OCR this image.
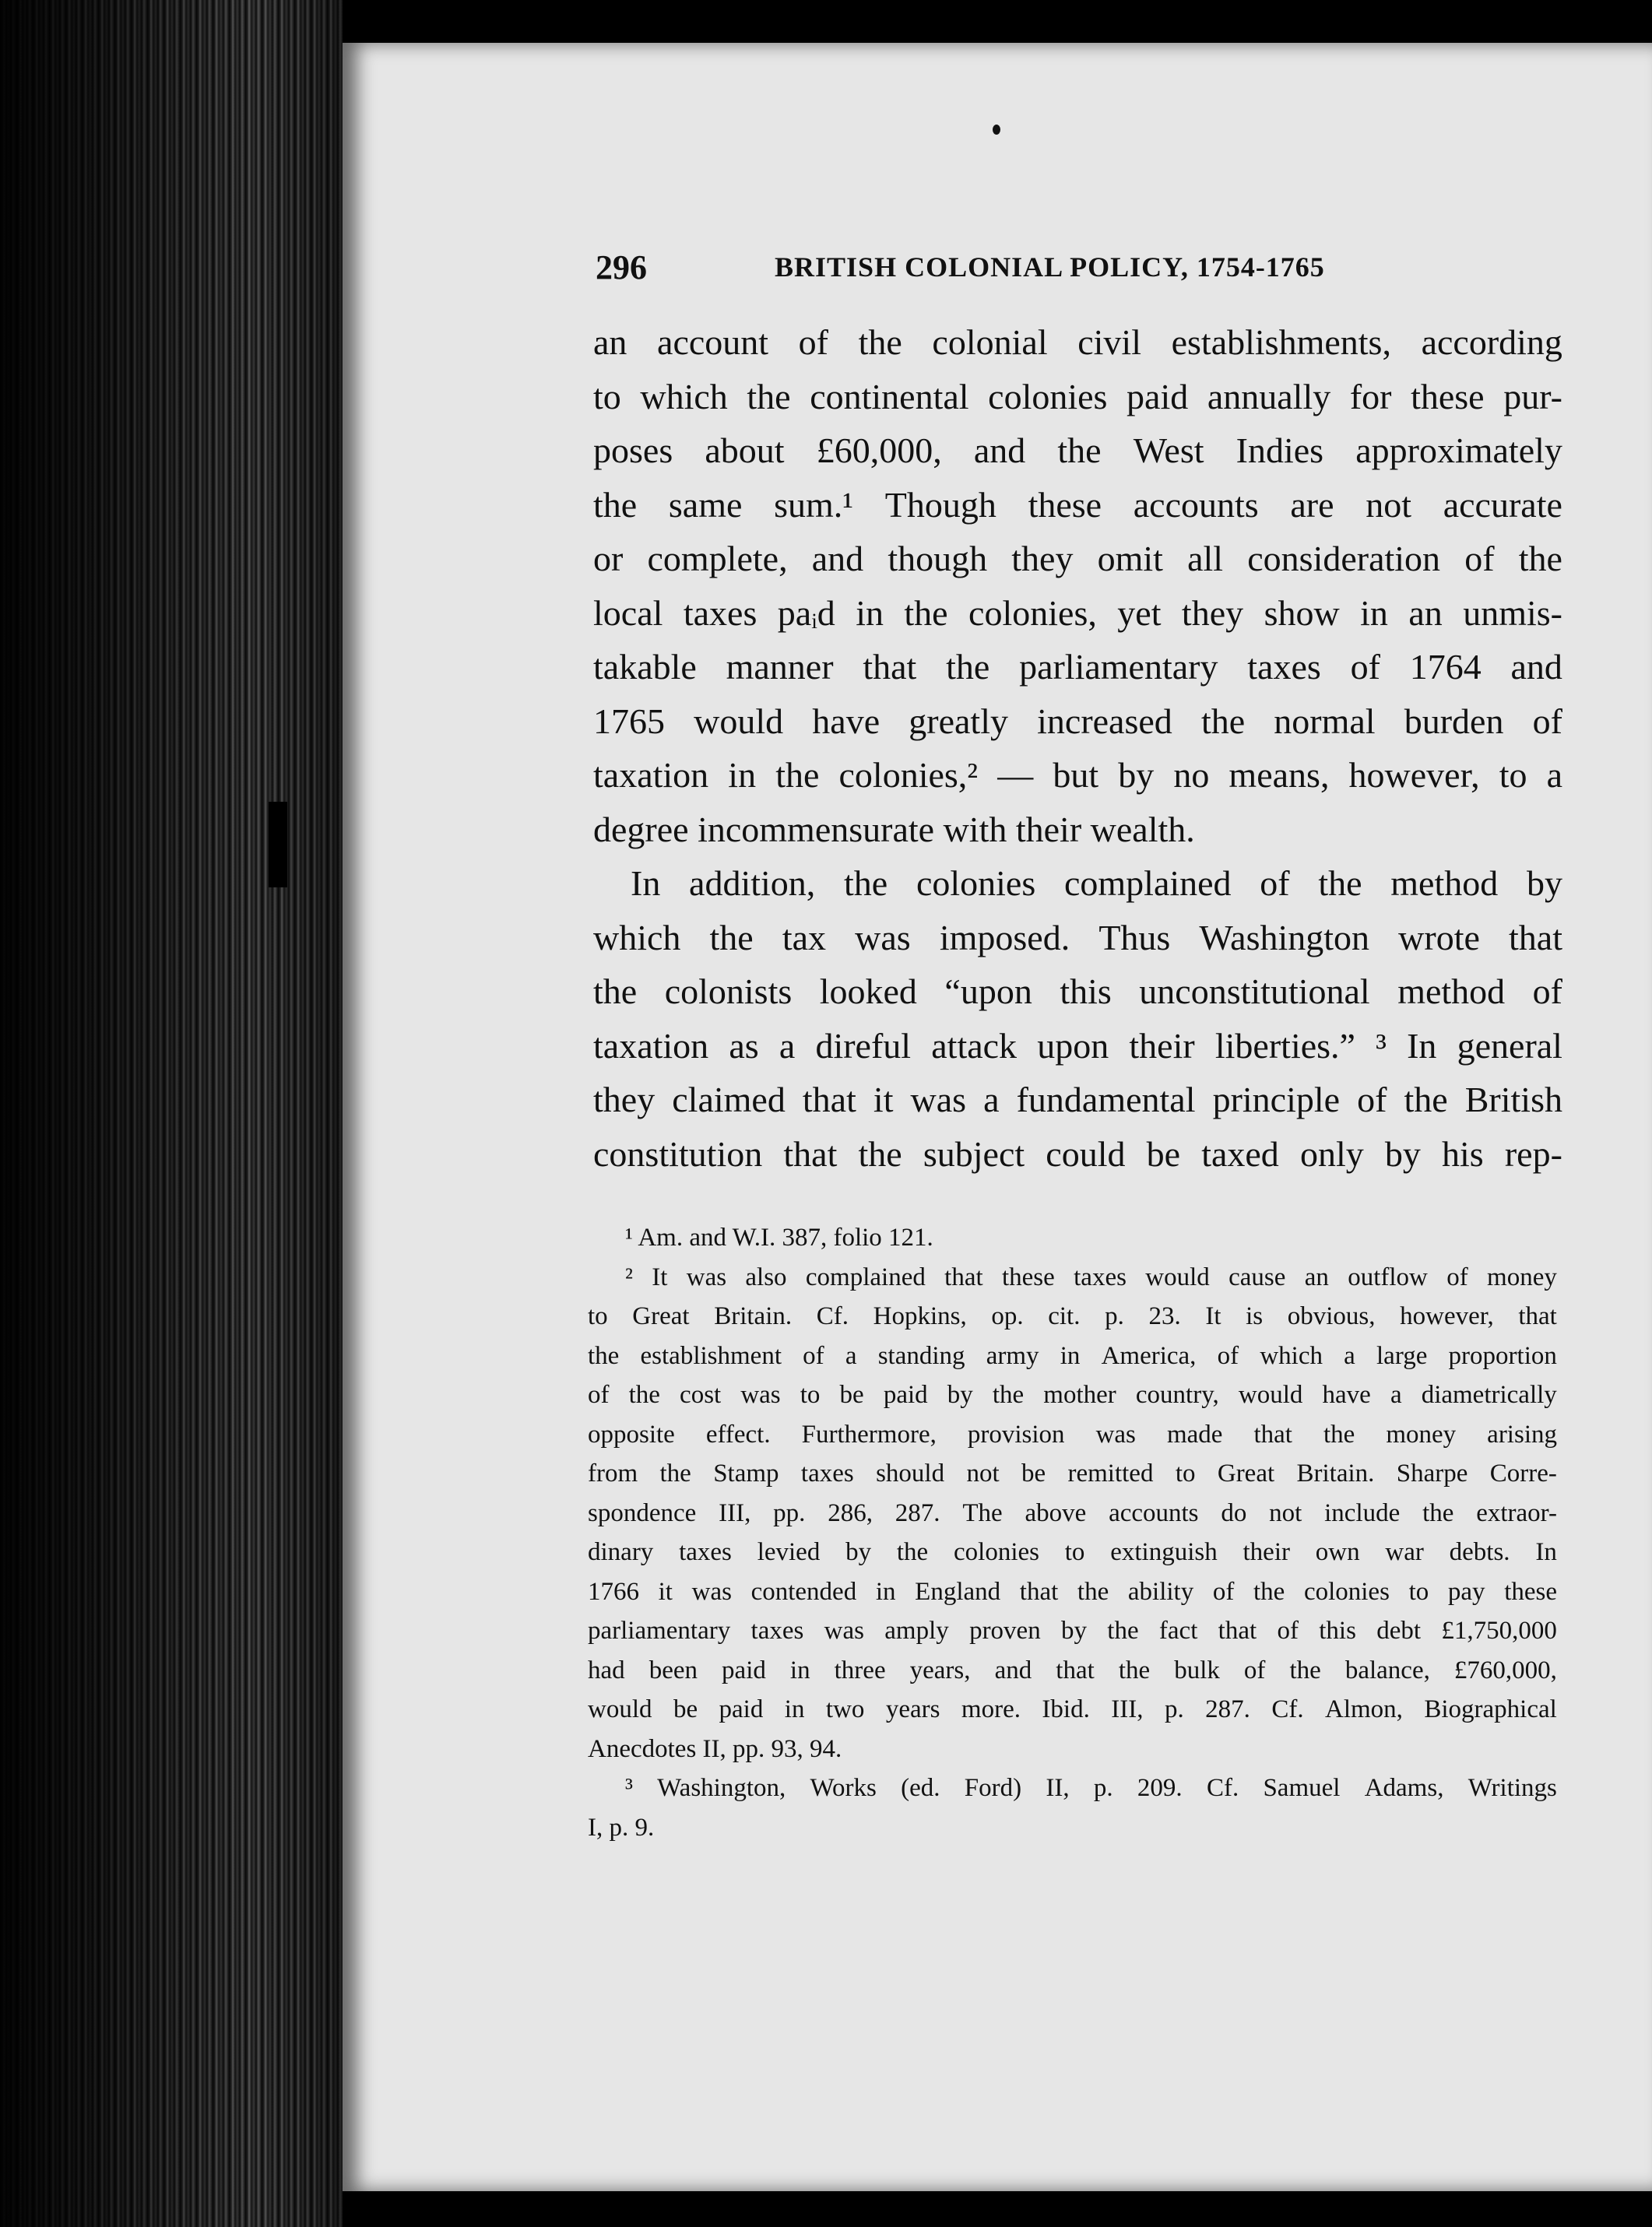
296	BRITISH COLONIAL POLICY, 1754-1765
an account of the colonial civil establishments, according
to which the continental colonies paid annually for these pur-
poses about £60,000, and the West Indies approximately
the same sum.¹ Though these accounts are not accurate
or complete, and though they omit all consideration of the
local taxes paᵢd in the colonies, yet they show in an unmis-
takable manner that the parliamentary taxes of 1764 and
1765 would have greatly increased the normal burden of
taxation in the colonies,² — but by no means, however, to a
degree incommensurate with their wealth.
In addition, the colonies complained of the method by
which the tax was imposed. Thus Washington wrote that
the colonists looked “upon this unconstitutional method of
taxation as a direful attack upon their liberties.” ³ In general
they claimed that it was a fundamental principle of the British
constitution that the subject could be taxed only by his rep-
¹ Am. and W.I. 387, folio 121.
² It was also complained that these taxes would cause an outflow of money
to Great Britain. Cf. Hopkins, op. cit. p. 23. It is obvious, however, that
the establishment of a standing army in America, of which a large proportion
of the cost was to be paid by the mother country, would have a diametrically
opposite effect. Furthermore, provision was made that the money arising
from the Stamp taxes should not be remitted to Great Britain. Sharpe Corre-
spondence III, pp. 286, 287. The above accounts do not include the extraor-
dinary taxes levied by the colonies to extinguish their own war debts. In
1766 it was contended in England that the ability of the colonies to pay these
parliamentary taxes was amply proven by the fact that of this debt £1,750,000
had been paid in three years, and that the bulk of the balance, £760,000,
would be paid in two years more. Ibid. III, p. 287. Cf. Almon, Biographical
Anecdotes II, pp. 93, 94.
³ Washington, Works (ed. Ford) II, p. 209. Cf. Samuel Adams, Writings
I, p. 9.
